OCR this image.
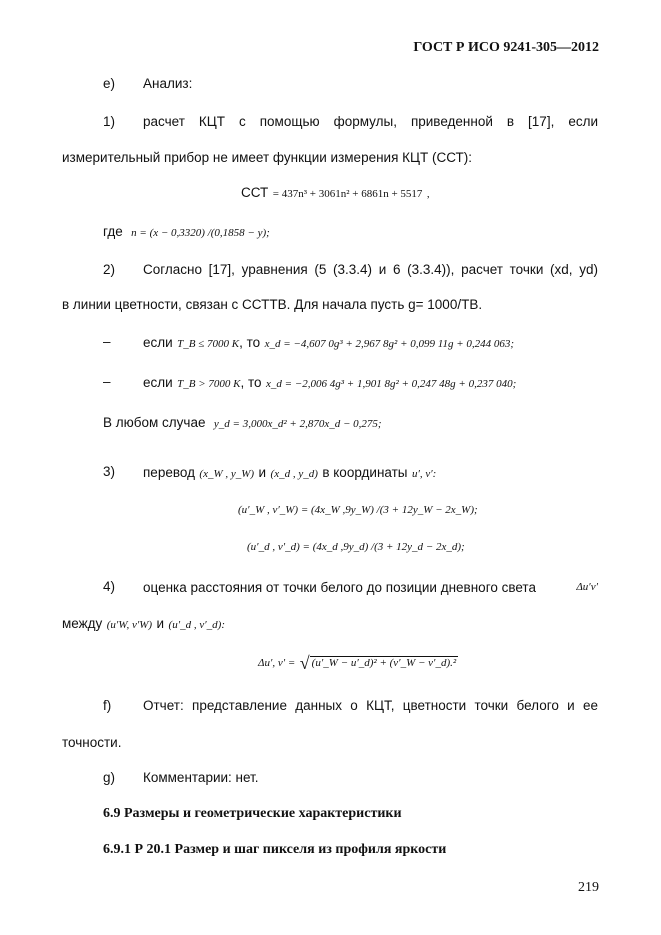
ГОСТ Р ИСО 9241-305—2012
e) Анализ:
1) расчет КЦТ с помощью формулы, приведенной в [17], если
измерительный прибор не имеет функции измерения КЦТ (ССТ):
ССТ = 437n³ + 3061n² + 6861n + 5517 ,
где n = (x − 0,3320) /(0,1858 − y);
2) Согласно [17], уравнения (5 (3.3.4) и 6 (3.3.4)), расчет точки (xd, yd)
в линии цветности, связан с ССТТВ. Для начала пусть g= 1000/ТВ.
– если T_B ≤ 7000 K, то x_d = −4,607 0g³ + 2,967 8g² + 0,099 11g + 0,244 063;
– если T_B > 7000 K, то x_d = −2,006 4g³ + 1,901 8g² + 0,247 48g + 0,237 040;
В любом случае y_d = 3,000x_d² + 2,870x_d − 0,275;
3) перевод (x_W , y_W) и (x_d , y_d) в координаты u′, v′:
(u′_W , v′_W) = (4x_W ,9y_W) /(3 + 12y_W − 2x_W);
(u′_d , v′_d) = (4x_d ,9y_d) /(3 + 12y_d − 2x_d);
4) оценка расстояния от точки белого до позиции дневного света	Δu′v′
между (u′W, v′W) и (u′_d , v′_d):
Δu′, v′ = √ (u′_W − u′_d)² + (v′_W − v′_d).²
f) Отчет: представление данных о КЦТ, цветности точки белого и ее
точности.
g) Комментарии: нет.
6.9 Размеры и геометрические характеристики
6.9.1 Р 20.1 Размер и шаг пикселя из профиля яркости
219
